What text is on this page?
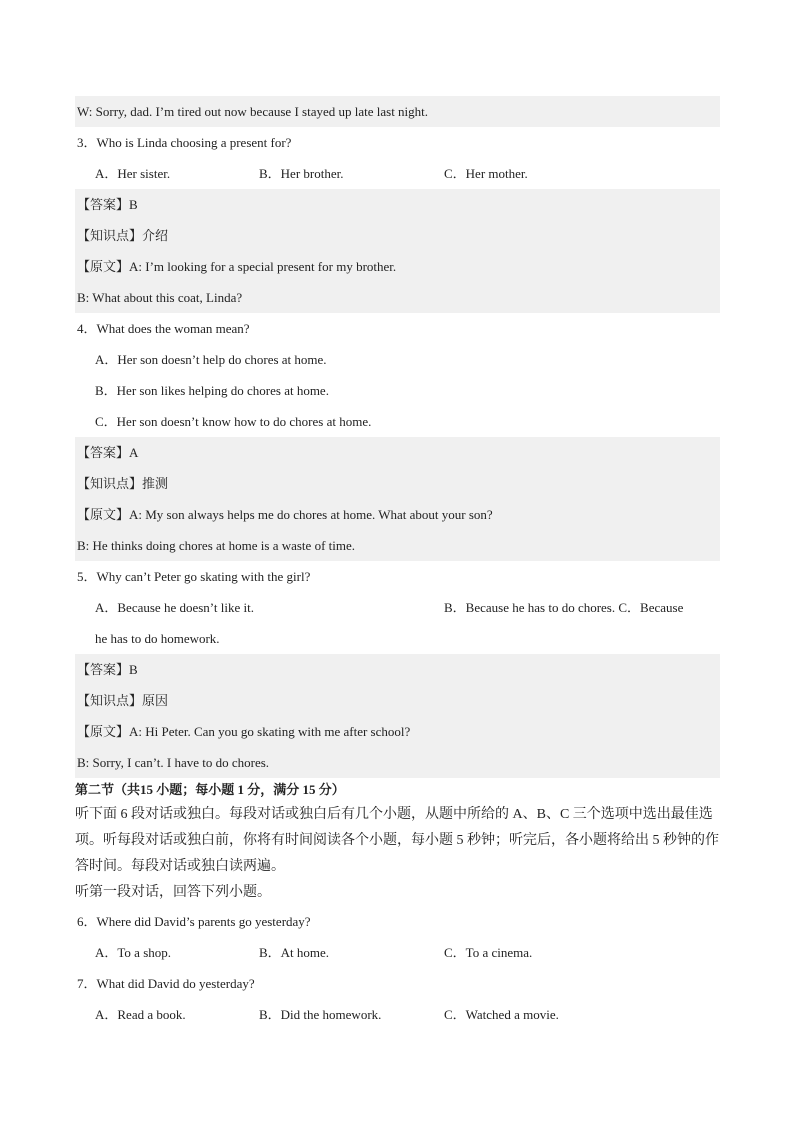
W: Sorry, dad. I’m tired out now because I stayed up late last night.
3．Who is Linda choosing a present for?
A．Her sister.	B．Her brother.	C．Her mother.
【答案】B
【知识点】介绍
【原文】A: I’m looking for a special present for my brother.
B: What about this coat, Linda?
4．What does the woman mean?
A．Her son doesn’t help do chores at home.
B．Her son likes helping do chores at home.
C．Her son doesn’t know how to do chores at home.
【答案】A
【知识点】推测
【原文】A: My son always helps me do chores at home. What about your son?
B: He thinks doing chores at home is a waste of time.
5．Why can’t Peter go skating with the girl?
A．Because he doesn’t like it.	B．Because he has to do chores. C．Because
he has to do homework.
【答案】B
【知识点】原因
【原文】A: Hi Peter. Can you go skating with me after school?
B: Sorry, I can’t. I have to do chores.
第二节（共15 小题；每小题 1 分，满分 15 分）

听下面 6 段对话或独白。每段对话或独白后有几个小题，从题中所给的 A、B、C 三个选项中选出最佳选项。听每段对话或独白前，你将有时间阅读各个小题，每小题 5 秒钟；听完后，各小题将给出 5 秒钟的作答时间。每段对话或独白读两遍。

听第一段对话，回答下列小题。

6．Where did David’s parents go yesterday?
A．To a shop.	B．At home.	C．To a cinema.
7．What did David do yesterday?
A．Read a book.	B．Did the homework.	C．Watched a movie.
